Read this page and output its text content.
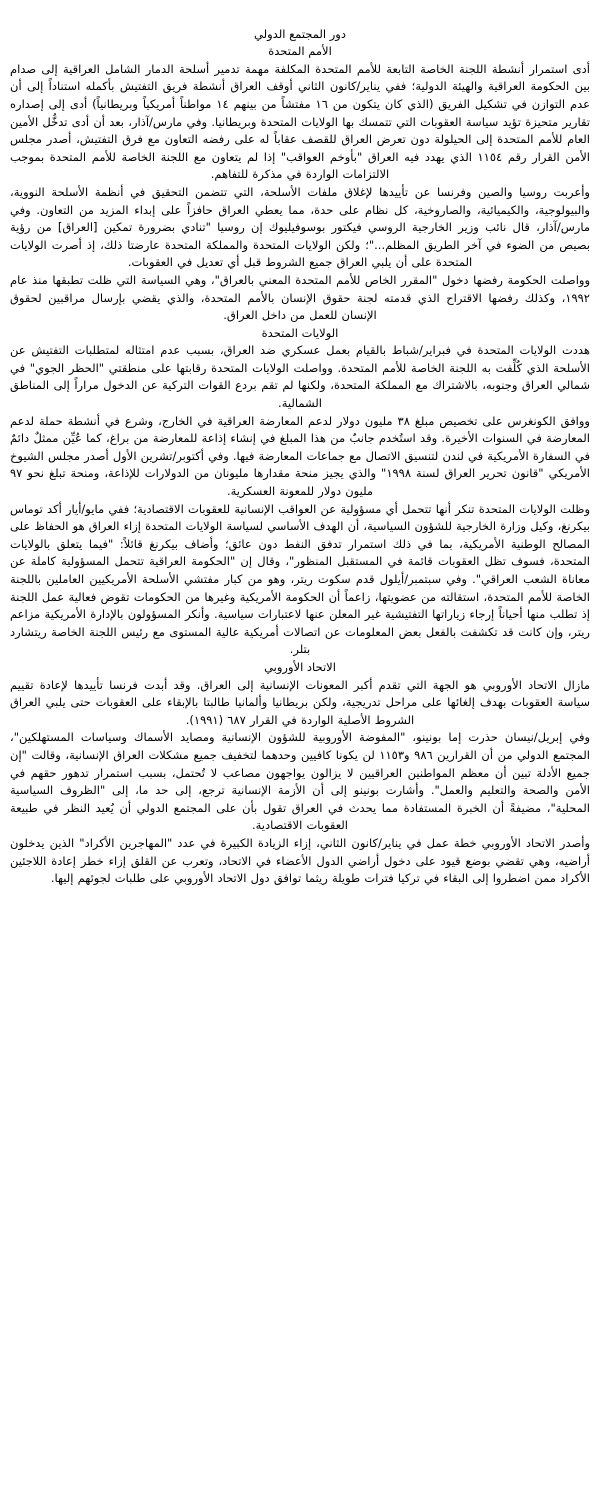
دور المجتمع الدولي
الأمم المتحدة

أدى استمرار أنشطة اللجنة الخاصة التابعة للأمم المتحدة المكلفة مهمة تدمير أسلحة الدمار الشامل العراقية إلى صدام بين الحكومة العراقية والهيئة الدولية؛ ففي يناير/كانون الثاني أوقف العراق أنشطة فريق التفتيش بأكمله استناداً إلى أن عدم التوازن في تشكيل الفريق (الذي كان يتكون من ١٦ مفتشاً من بينهم ١٤ مواطناً أمريكياً وبريطانياً) أدى إلى إصداره تقارير متحيزة تؤيد سياسة العقوبات التي تتمسك بها الولايات المتحدة وبريطانيا. وفي مارس/آذار، بعد أن أدى تدخُّل الأمين العام للأمم المتحدة إلى الحيلولة دون تعرض العراق للقصف عقاباً له على رفضه التعاون مع فرق التفتيش، أصدر مجلس الأمن القرار رقم ١١٥٤ الذي يهدد فيه العراق "بأوخم العواقب" إذا لم يتعاون مع اللجنة الخاصة للأمم المتحدة بموجب الالتزامات الواردة في مذكرة للتفاهم.

وأعربت روسيا والصين وفرنسا عن تأييدها لإغلاق ملفات الأسلحة، التي تتضمن التحقيق في أنظمة الأسلحة النووية، والبيولوجية، والكيميائية، والصاروخية، كل نظام على حدة، مما يعطي العراق حافزاً على إبداء المزيد من التعاون. وفي مارس/آذار، قال نائب وزير الخارجية الروسي فيكتور بوسوفيليوك إن روسيا "تنادي بضرورة تمكين [العراق] من رؤية بصيص من الضوء في آخر الطريق المظلم..."؛ ولكن الولايات المتحدة والمملكة المتحدة عارضتا ذلك، إذ أصرت الولايات المتحدة على أن يلبي العراق جميع الشروط قبل أي تعديل في العقوبات.

وواصلت الحكومة رفضها دخول "المقرر الخاص للأمم المتحدة المعني بالعراق"، وهي السياسة التي ظلت تطبقها منذ عام ١٩٩٢، وكذلك رفضها الاقتراح الذي قدمته لجنة حقوق الإنسان بالأمم المتحدة، والذي يقضي بإرسال مراقبين لحقوق الإنسان للعمل من داخل العراق.

الولايات المتحدة

هددت الولايات المتحدة في فبراير/شباط بالقيام بعمل عسكري ضد العراق، بسبب عدم امتثاله لمتطلبات التفتيش عن الأسلحة الذي كُلِّفت به اللجنة الخاصة للأمم المتحدة. وواصلت الولايات المتحدة رقابتها على منطقتي "الحظر الجوي" في شمالي العراق وجنوبه، بالاشتراك مع المملكة المتحدة، ولكنها لم تقم بردع القوات التركية عن الدخول مراراً إلى المناطق الشمالية.

ووافق الكونغرس على تخصيص مبلغ ٣٨ مليون دولار لدعم المعارضة العراقية في الخارج، وشرع في أنشطة حملة لدعم المعارضة في السنوات الأخيرة. وقد استُخدم جانبٌ من هذا المبلغ في إنشاء إذاعة للمعارضة من براغ، كما عُيِّن ممثلٌ دائمٌ في السفارة الأمريكية في لندن لتنسيق الاتصال مع جماعات المعارضة فيها. وفي أكتوبر/تشرين الأول أصدر مجلس الشيوخ الأمريكي "قانون تحرير العراق لسنة ١٩٩٨" والذي يجيز منحة مقدارها مليونان من الدولارات للإذاعة، ومنحة تبلغ نحو ٩٧ مليون دولار للمعونة العسكرية.

وظلت الولايات المتحدة تنكر أنها تتحمل أي مسؤولية عن العواقب الإنسانية للعقوبات الاقتصادية؛ ففي مايو/أيار أكد توماس بيكرنغ، وكيل وزارة الخارجية للشؤون السياسية، أن الهدف الأساسي لسياسة الولايات المتحدة إزاء العراق هو الحفاظ على المصالح الوطنية الأمريكية، بما في ذلك استمرار تدفق النفط دون عائق؛ وأضاف بيكرنغ قائلاً: "فيما يتعلق بالولايات المتحدة، فسوف تظل العقوبات قائمة في المستقبل المنظور"، وقال إن "الحكومة العراقية تتحمل المسؤولية كاملة عن معاناة الشعب العراقي". وفي سبتمبر/أيلول قدم سكوت ريتر، وهو من كبار مفتشي الأسلحة الأمريكيين العاملين باللجنة الخاصة للأمم المتحدة، استقالته من عضويتها، زاعماً أن الحكومة الأمريكية وغيرها من الحكومات تقوض فعالية عمل اللجنة إذ تطلب منها أحياناً إرجاء زياراتها التفتيشية غير المعلن عنها لاعتبارات سياسية. وأنكر المسؤولون بالإدارة الأمريكية مزاعم ريتر، وإن كانت قد تكشفت بالفعل بعض المعلومات عن اتصالات أمريكية عالية المستوى مع رئيس اللجنة الخاصة ريتشارد بتلر.

الاتحاد الأوروبي

مازال الاتحاد الأوروبي هو الجهة التي تقدم أكبر المعونات الإنسانية إلى العراق. وقد أبدت فرنسا تأييدها لإعادة تقييم سياسة العقوبات بهدف إلغائها على مراحل تدريجية، ولكن بريطانيا وألمانيا طالبتا بالإبقاء على العقوبات حتى يلبي العراق الشروط الأصلية الواردة في القرار ٦٨٧ (١٩٩١).

وفي إبريل/نيسان حذرت إما بونينو، "المفوضة الأوروبية للشؤون الإنسانية ومصايد الأسماك وسياسات المستهلكين"، المجتمع الدولي من أن القرارين ٩٨٦ و١١٥٣ لن يكونا كافيين وحدهما لتخفيف جميع مشكلات العراق الإنسانية، وقالت "إن جميع الأدلة تبين أن معظم المواطنين العراقيين لا يزالون يواجهون مصاعب لا تُحتمل، بسبب استمرار تدهور حقهم في الأمن والصحة والتعليم والعمل". وأشارت بونينو إلى أن الأزمة الإنسانية ترجع، إلى حد ما، إلى "الظروف السياسية المحلية"، مضيفةً أن الخبرة المستفادة مما يحدث في العراق تقول بأن على المجتمع الدولي أن يُعيد النظر في طبيعة العقوبات الاقتصادية.

وأصدر الاتحاد الأوروبي خطة عمل في يناير/كانون الثاني، إزاء الزيادة الكبيرة في عدد "المهاجرين الأكراد" الذين يدخلون أراضيه، وهي تقضي بوضع قيود على دخول أراضي الدول الأعضاء في الاتحاد، وتعرب عن القلق إزاء خطر إعادة اللاجئين الأكراد ممن اضطروا إلى البقاء في تركيا فترات طويلة ريثما توافق دول الاتحاد الأوروبي على طلبات لجوئهم إليها.
